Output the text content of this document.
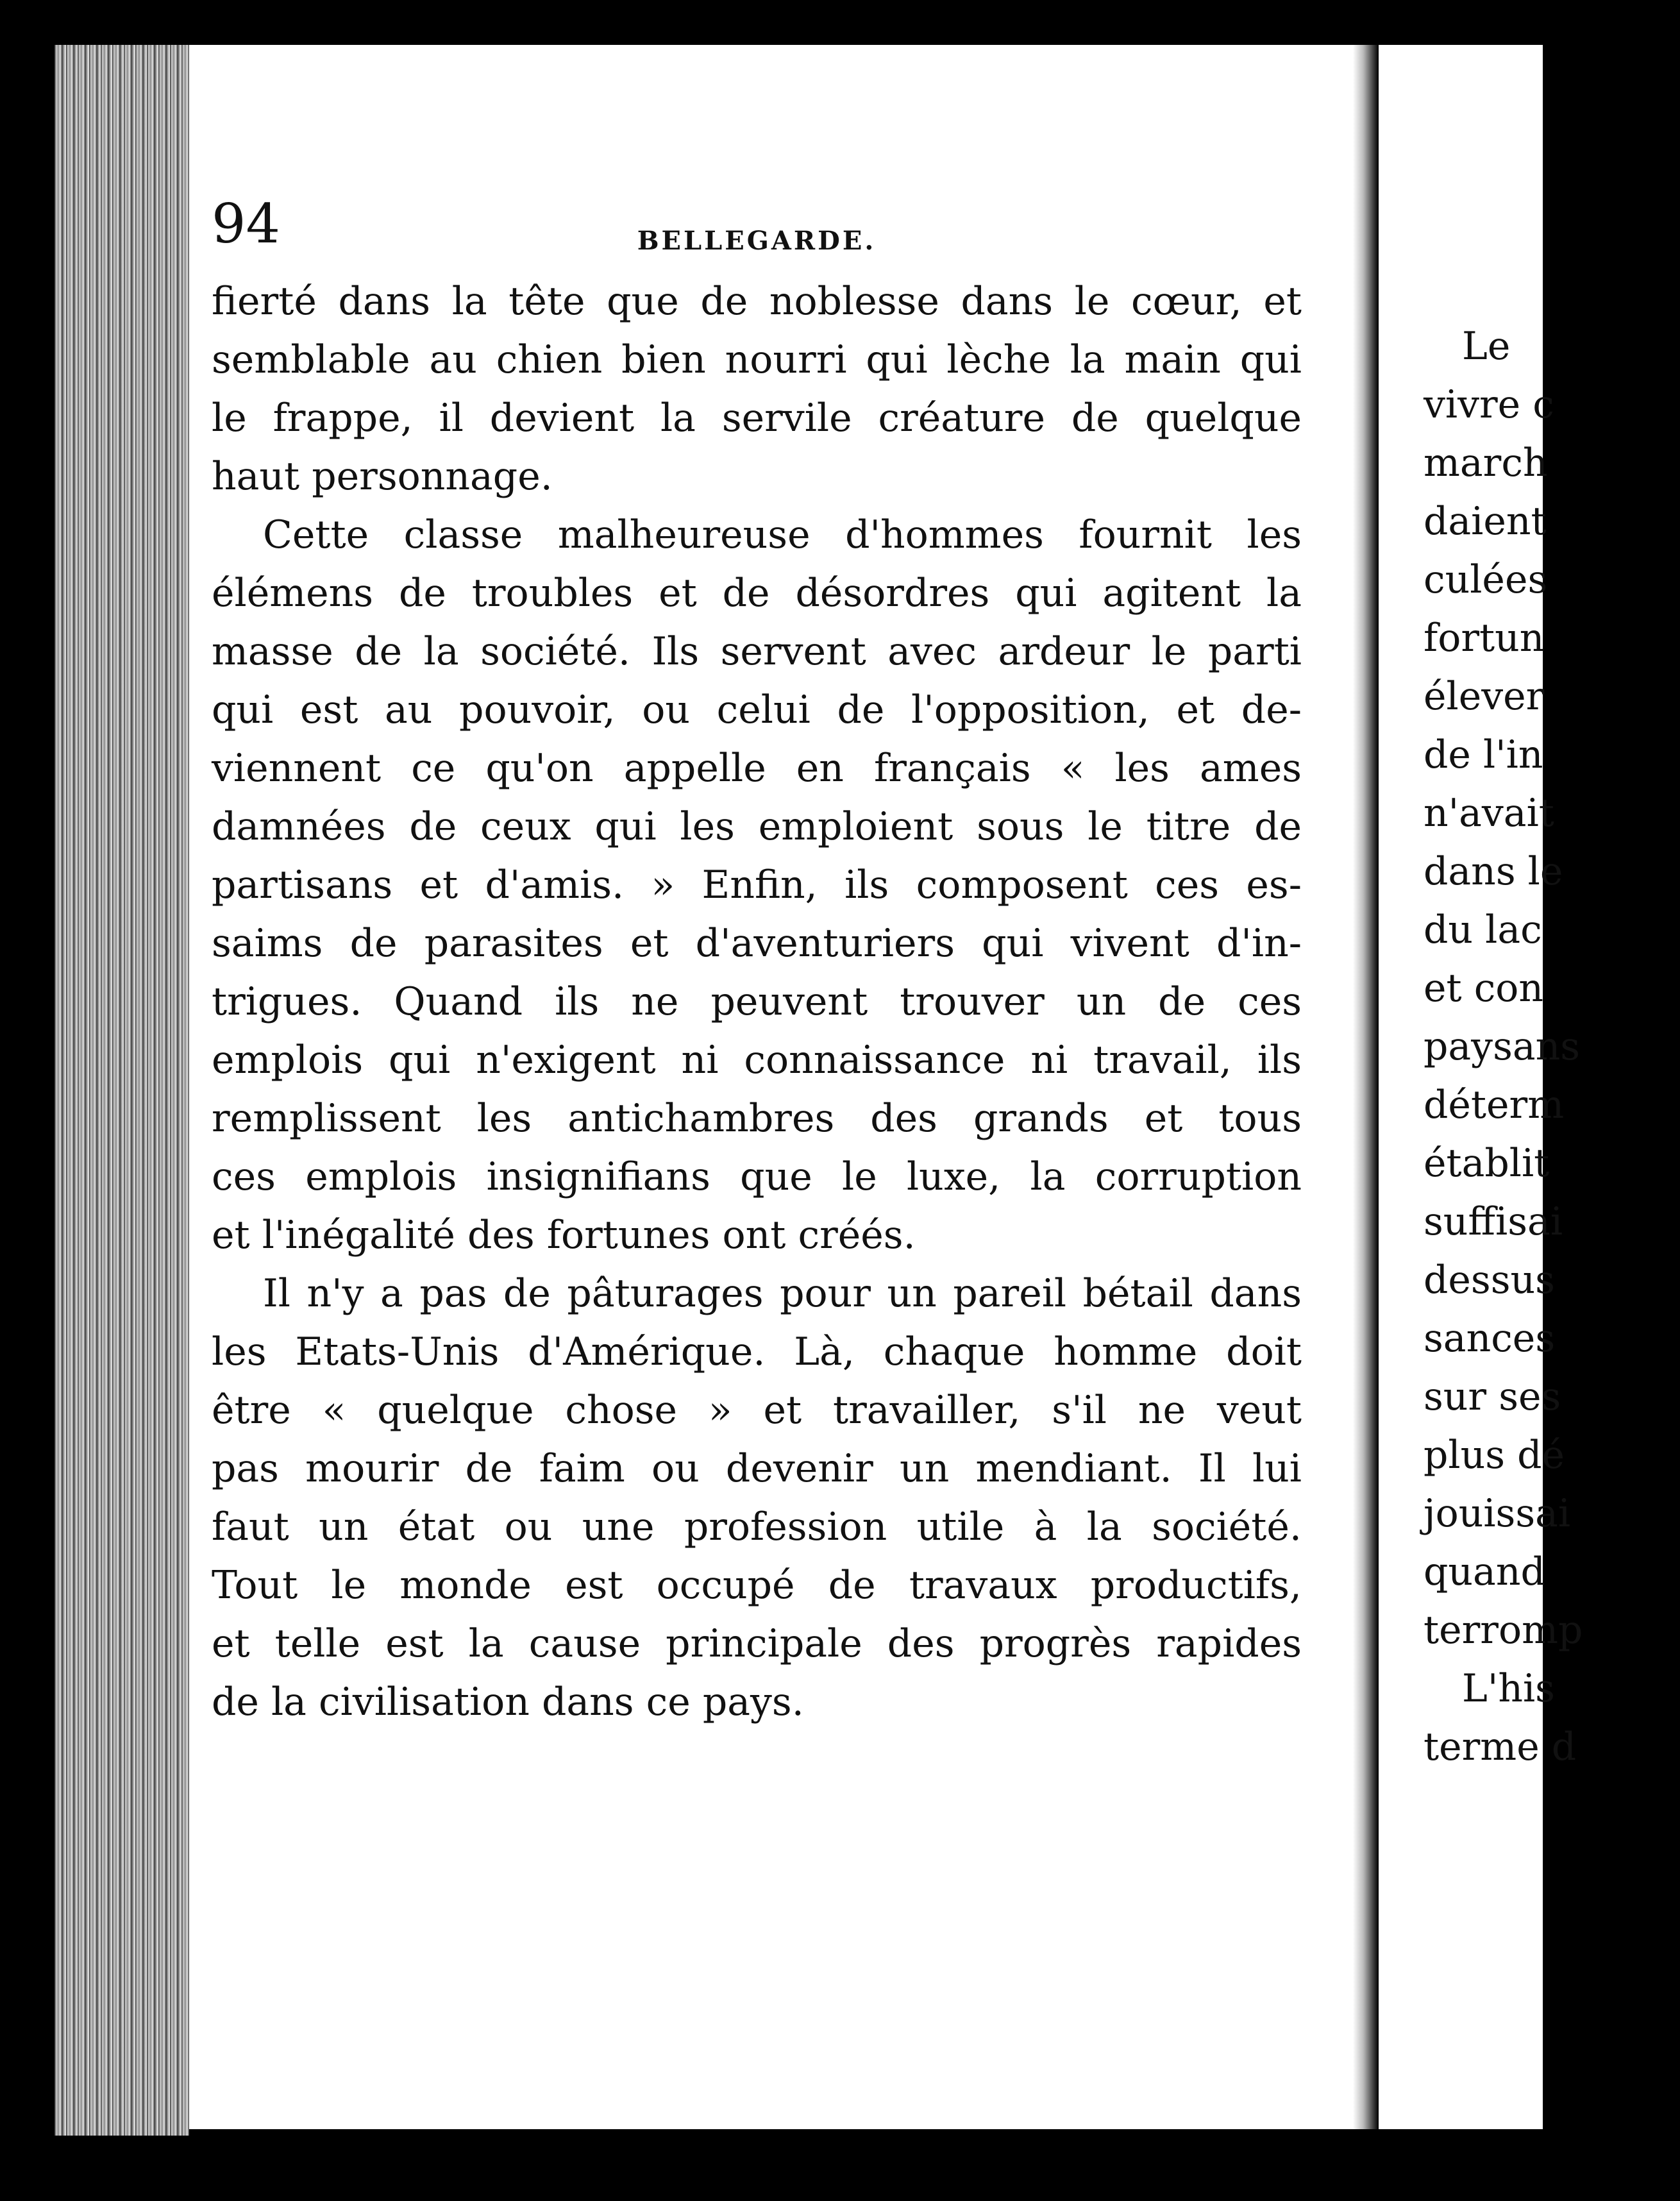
Le
vivre c
march
daient
culées
fortun
élever
de l'in
n'avait
dans le
du lac
et con
paysans
déterm
établit
suffisai
dessus
sances
sur ses
plus dé
jouissai
quand
terromp
L'his
terme d
94	BELLEGARDE.
fierté dans la tête que de noblesse dans le cœur, et
semblable au chien bien nourri qui lèche la main qui
le frappe, il devient la servile créature de quelque
haut personnage.
Cette classe malheureuse d'hommes fournit les
élémens de troubles et de désordres qui agitent la
masse de la société. Ils servent avec ardeur le parti
qui est au pouvoir, ou celui de l'opposition, et de-
viennent ce qu'on appelle en français « les ames
damnées de ceux qui les emploient sous le titre de
partisans et d'amis. » Enfin, ils composent ces es-
saims de parasites et d'aventuriers qui vivent d'in-
trigues. Quand ils ne peuvent trouver un de ces
emplois qui n'exigent ni connaissance ni travail, ils
remplissent les antichambres des grands et tous
ces emplois insignifians que le luxe, la corruption
et l'inégalité des fortunes ont créés.
Il n'y a pas de pâturages pour un pareil bétail dans
les Etats-Unis d'Amérique. Là, chaque homme doit
être « quelque chose » et travailler, s'il ne veut
pas mourir de faim ou devenir un mendiant. Il lui
faut un état ou une profession utile à la société.
Tout le monde est occupé de travaux productifs,
et telle est la cause principale des progrès rapides
de la civilisation dans ce pays.
